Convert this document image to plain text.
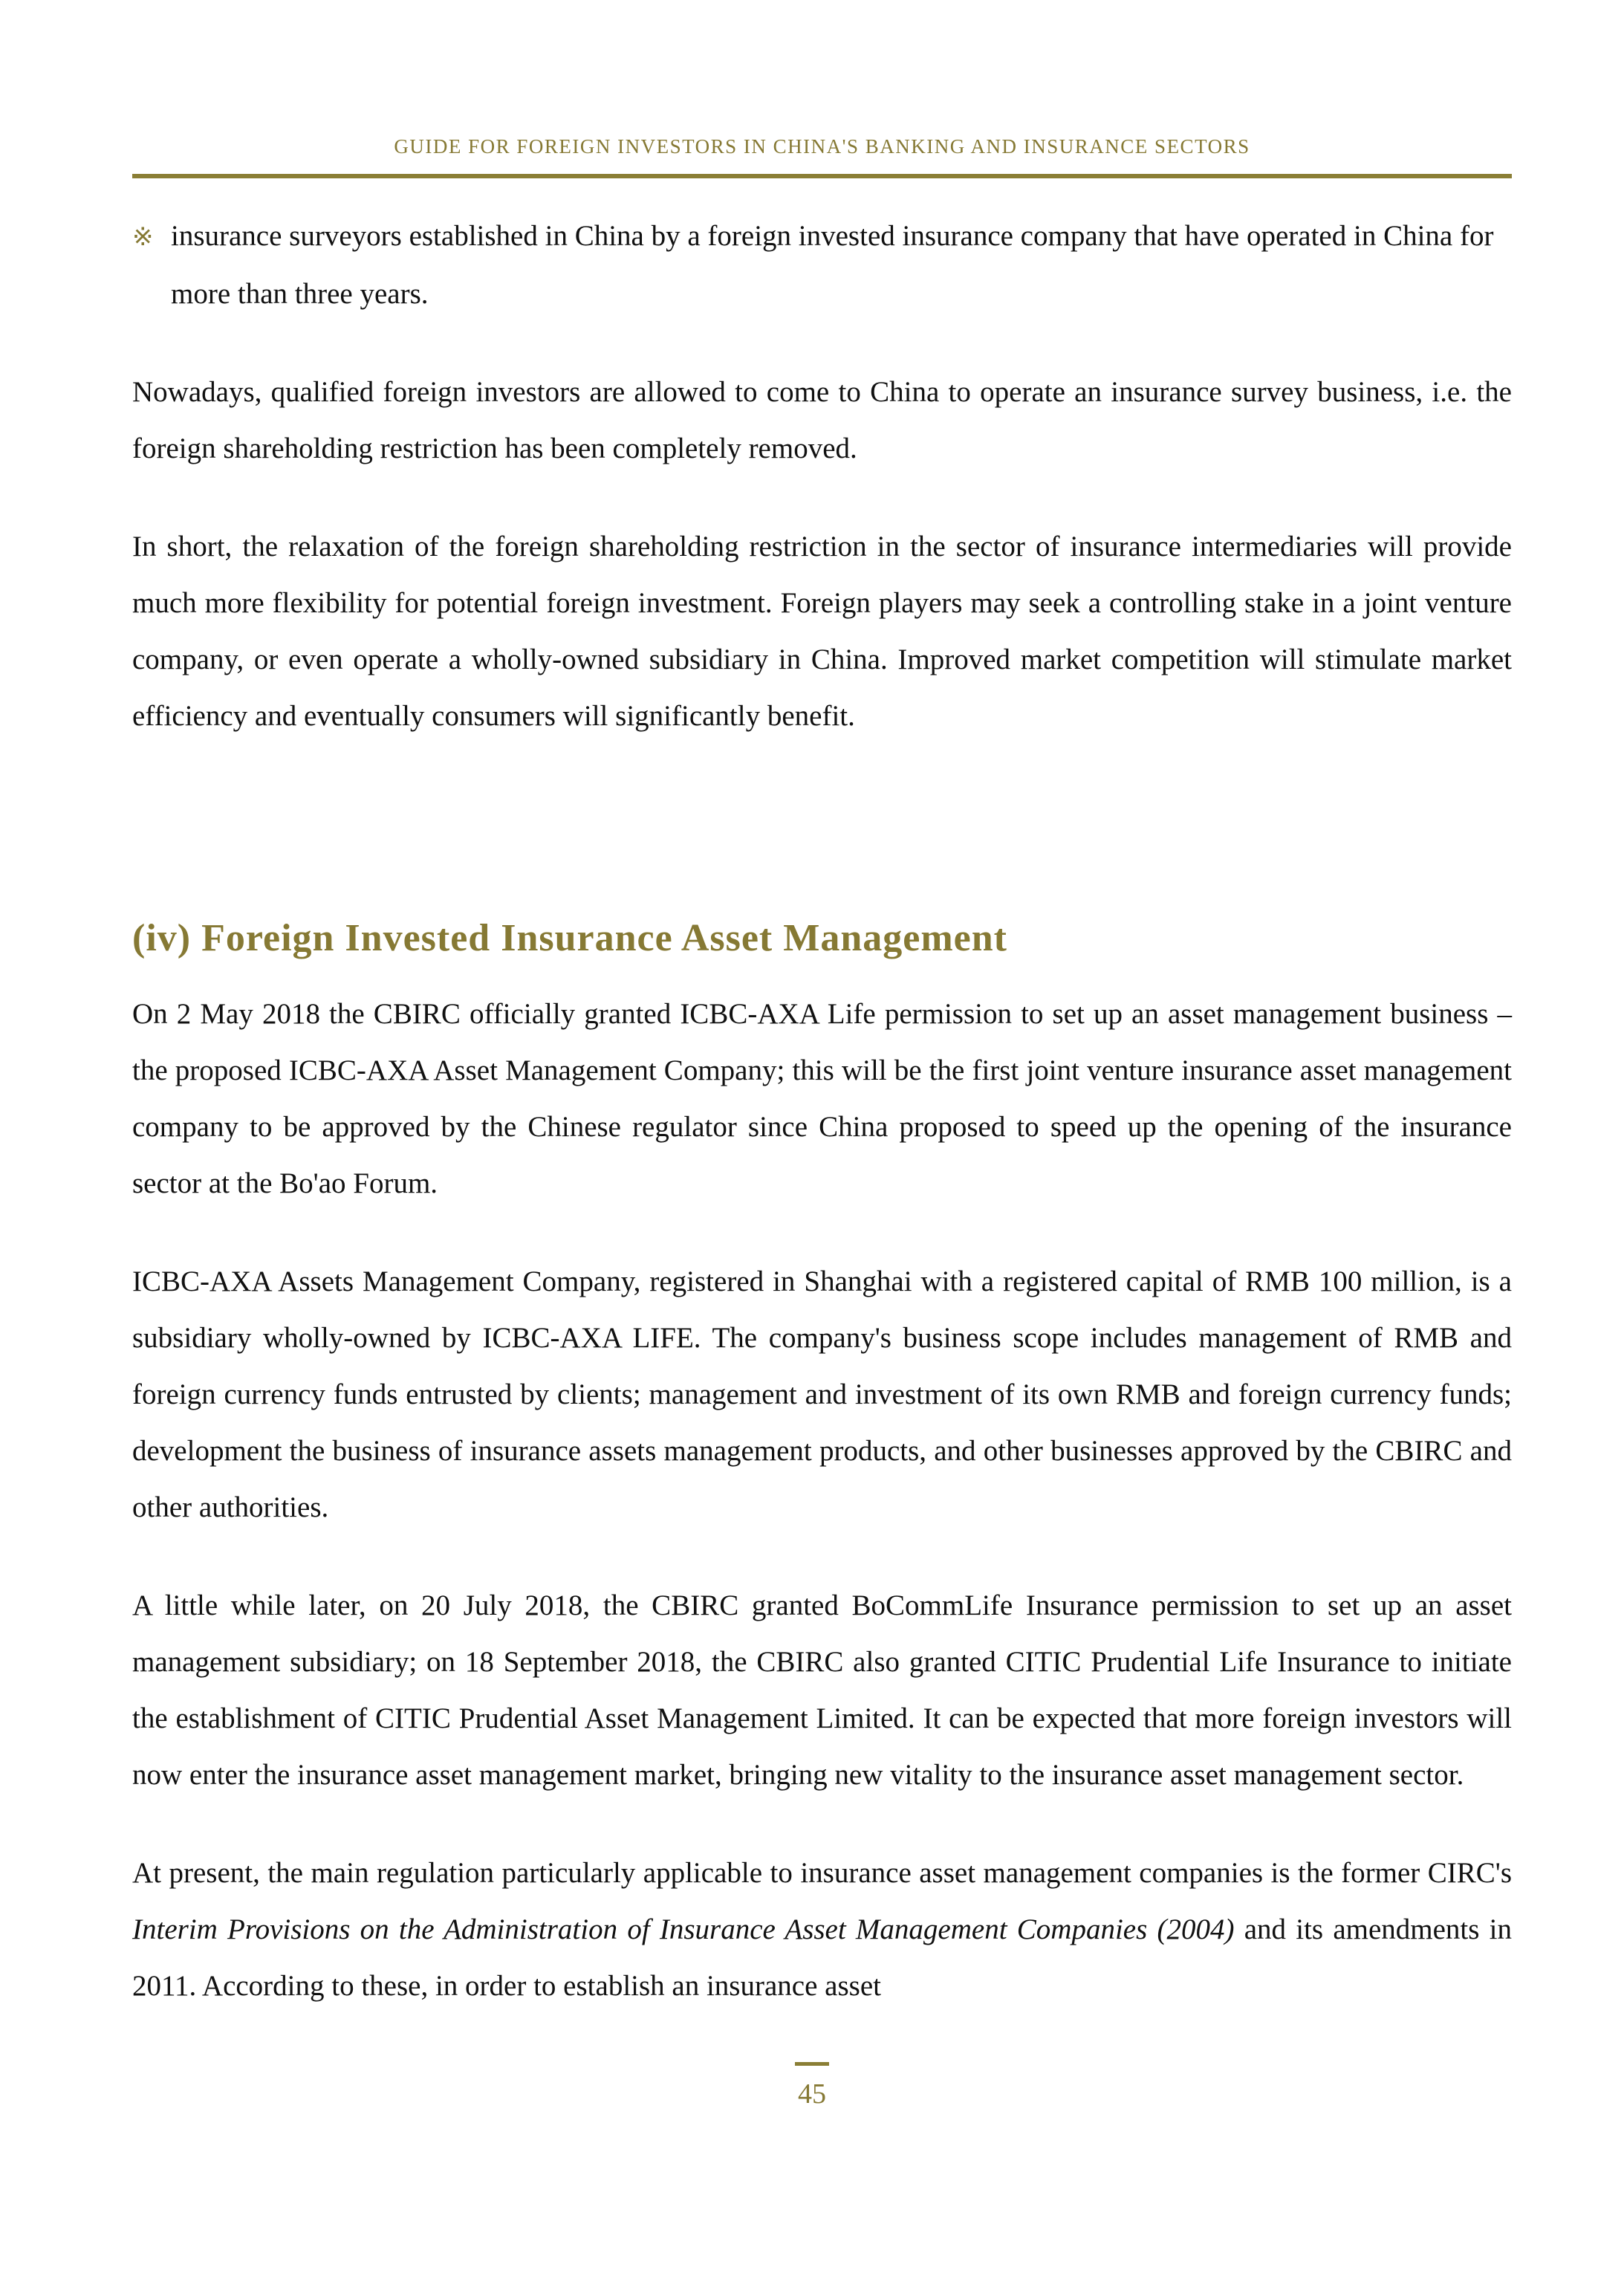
GUIDE FOR FOREIGN INVESTORS IN CHINA'S BANKING AND INSURANCE SECTORS
※ insurance surveyors established in China by a foreign invested insurance company that have operated in China for more than three years.

Nowadays, qualified foreign investors are allowed to come to China to operate an insurance survey business, i.e. the foreign shareholding restriction has been completely removed.

In short, the relaxation of the foreign shareholding restriction in the sector of insurance intermediaries will provide much more flexibility for potential foreign investment. Foreign players may seek a controlling stake in a joint venture company, or even operate a wholly-owned subsidiary in China. Improved market competition will stimulate market efficiency and eventually consumers will significantly benefit.

(iv) Foreign Invested Insurance Asset Management

On 2 May 2018 the CBIRC officially granted ICBC-AXA Life permission to set up an asset management business – the proposed ICBC-AXA Asset Management Company; this will be the first joint venture insurance asset management company to be approved by the Chinese regulator since China proposed to speed up the opening of the insurance sector at the Bo'ao Forum.

ICBC-AXA Assets Management Company, registered in Shanghai with a registered capital of RMB 100 million, is a subsidiary wholly-owned by ICBC-AXA LIFE. The company's business scope includes management of RMB and foreign currency funds entrusted by clients; management and investment of its own RMB and foreign currency funds; development the business of insurance assets management products, and other businesses approved by the CBIRC and other authorities.

A little while later, on 20 July 2018, the CBIRC granted BoCommLife Insurance permission to set up an asset management subsidiary; on 18 September 2018, the CBIRC also granted CITIC Prudential Life Insurance to initiate the establishment of CITIC Prudential Asset Management Limited. It can be expected that more foreign investors will now enter the insurance asset management market, bringing new vitality to the insurance asset management sector.

At present, the main regulation particularly applicable to insurance asset management companies is the former CIRC's Interim Provisions on the Administration of Insurance Asset Management Companies (2004) and its amendments in 2011. According to these, in order to establish an insurance asset

45
